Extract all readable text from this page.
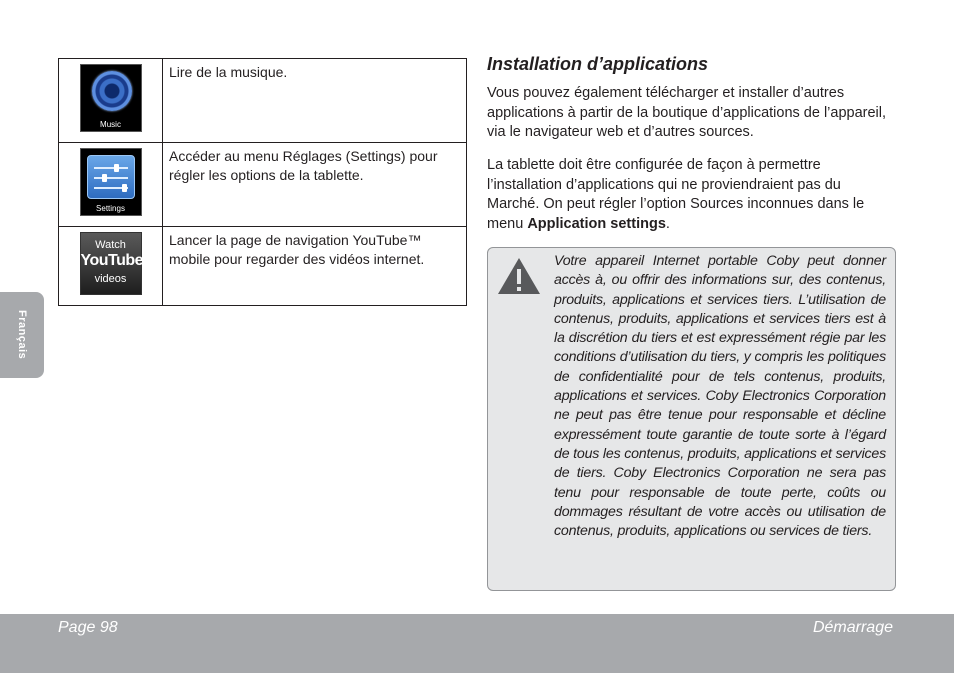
Français
Music	Lire de la musique.

Settings	Accéder au menu Réglages (Settings) pour régler les options de la tablette.

Watch
YouTube
videos	Lancer la page de navigation YouTube™ mobile pour regarder des vidéos internet.
Installation d’applications

Vous pouvez également télécharger et installer d’autres applications à partir de la boutique d’applications de l’appareil, via le navigateur web et d’autres sources.

La tablette doit être configurée de façon à permettre l’installation d’applications qui ne proviendraient pas du Marché. On peut régler l’option Sources inconnues dans le menu Application settings.

Votre appareil Internet portable Coby peut donner accès à, ou offrir des informations sur, des contenus, produits, applications et services tiers. L’utilisation de contenus, produits, applications et services tiers est à la discrétion du tiers et est expressément régie par les conditions d’utilisation du tiers, y compris les politiques de confidentialité pour de tels contenus, produits, applications et services. Coby Electronics Corporation ne peut pas être tenue pour responsable et décline expressément toute garantie de toute sorte à l’égard de tous les contenus, produits, applications et services de tiers. Coby Electronics Corporation ne sera pas tenu pour responsable de toute perte, coûts ou dommages résultant de votre accès ou utilisation de contenus, produits, applications ou services de tiers.

Page 98	Démarrage
